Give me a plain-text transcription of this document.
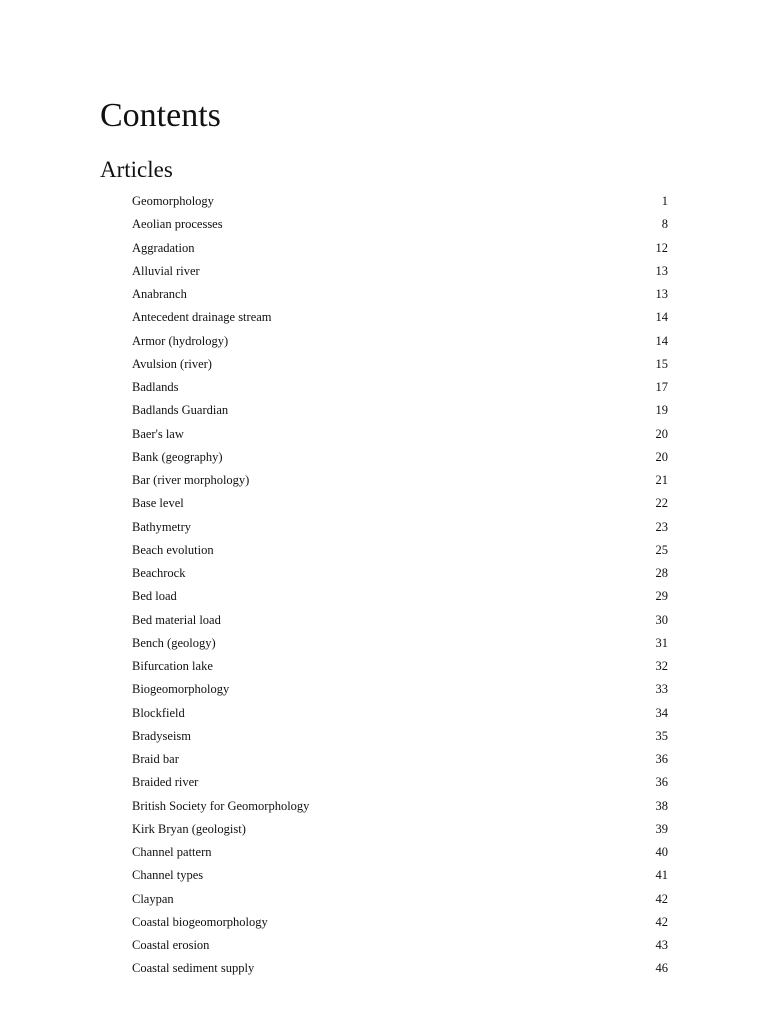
Contents
Articles
Geomorphology	1
Aeolian processes	8
Aggradation	12
Alluvial river	13
Anabranch	13
Antecedent drainage stream	14
Armor (hydrology)	14
Avulsion (river)	15
Badlands	17
Badlands Guardian	19
Baer's law	20
Bank (geography)	20
Bar (river morphology)	21
Base level	22
Bathymetry	23
Beach evolution	25
Beachrock	28
Bed load	29
Bed material load	30
Bench (geology)	31
Bifurcation lake	32
Biogeomorphology	33
Blockfield	34
Bradyseism	35
Braid bar	36
Braided river	36
British Society for Geomorphology	38
Kirk Bryan (geologist)	39
Channel pattern	40
Channel types	41
Claypan	42
Coastal biogeomorphology	42
Coastal erosion	43
Coastal sediment supply	46
